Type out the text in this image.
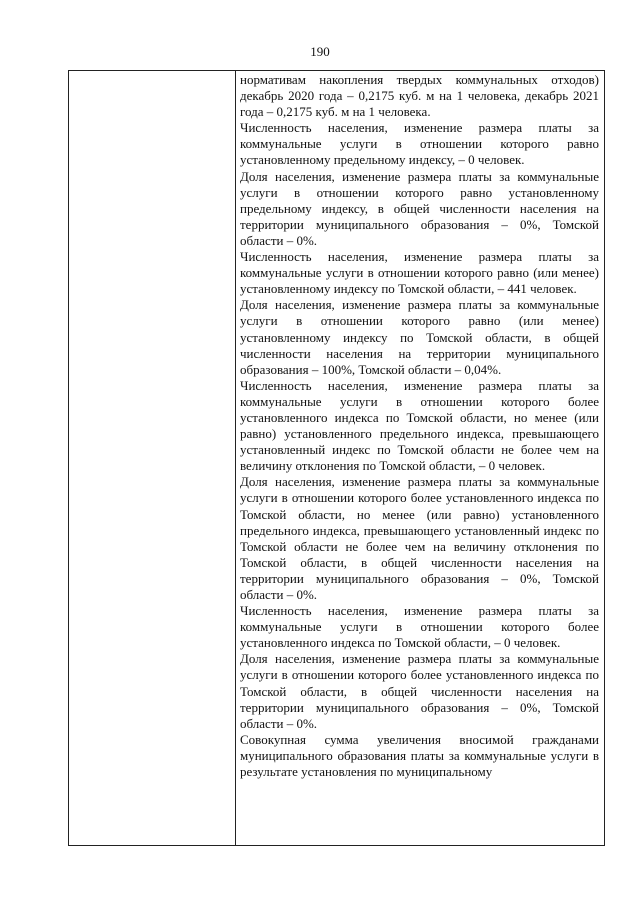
190

нормативам накопления твердых коммунальных отходов) декабрь 2020 года – 0,2175 куб. м на 1 человека, декабрь 2021 года – 0,2175 куб. м на 1 человека.

Численность населения, изменение размера платы за коммунальные услуги в отношении которого равно установленному предельному индексу, – 0 человек.

Доля населения, изменение размера платы за коммунальные услуги в отношении которого равно установленному предельному индексу, в общей численности населения на территории муниципального образования – 0%, Томской области – 0%.

Численность населения, изменение размера платы за коммунальные услуги в отношении которого равно (или менее) установленному индексу по Томской области, – 441 человек.

Доля населения, изменение размера платы за коммунальные услуги в отношении которого равно (или менее) установленному индексу по Томской области, в общей численности населения на территории муниципального образования – 100%, Томской области – 0,04%.

Численность населения, изменение размера платы за коммунальные услуги в отношении которого более установленного индекса по Томской области, но менее (или равно) установленного предельного индекса, превышающего установленный индекс по Томской области не более чем на величину отклонения по Томской области, – 0 человек.

Доля населения, изменение размера платы за коммунальные услуги в отношении которого более установленного индекса по Томской области, но менее (или равно) установленного предельного индекса, превышающего установленный индекс по Томской области не более чем на величину отклонения по Томской области, в общей численности населения на территории муниципального образования – 0%, Томской области – 0%.

Численность населения, изменение размера платы за коммунальные услуги в отношении которого более установленного индекса по Томской области, – 0 человек.

Доля населения, изменение размера платы за коммунальные услуги в отношении которого более установленного индекса по Томской области, в общей численности населения на территории муниципального образования – 0%, Томской области – 0%.

Совокупная сумма увеличения вносимой гражданами муниципального образования платы за коммунальные услуги в результате установления по муниципальному
